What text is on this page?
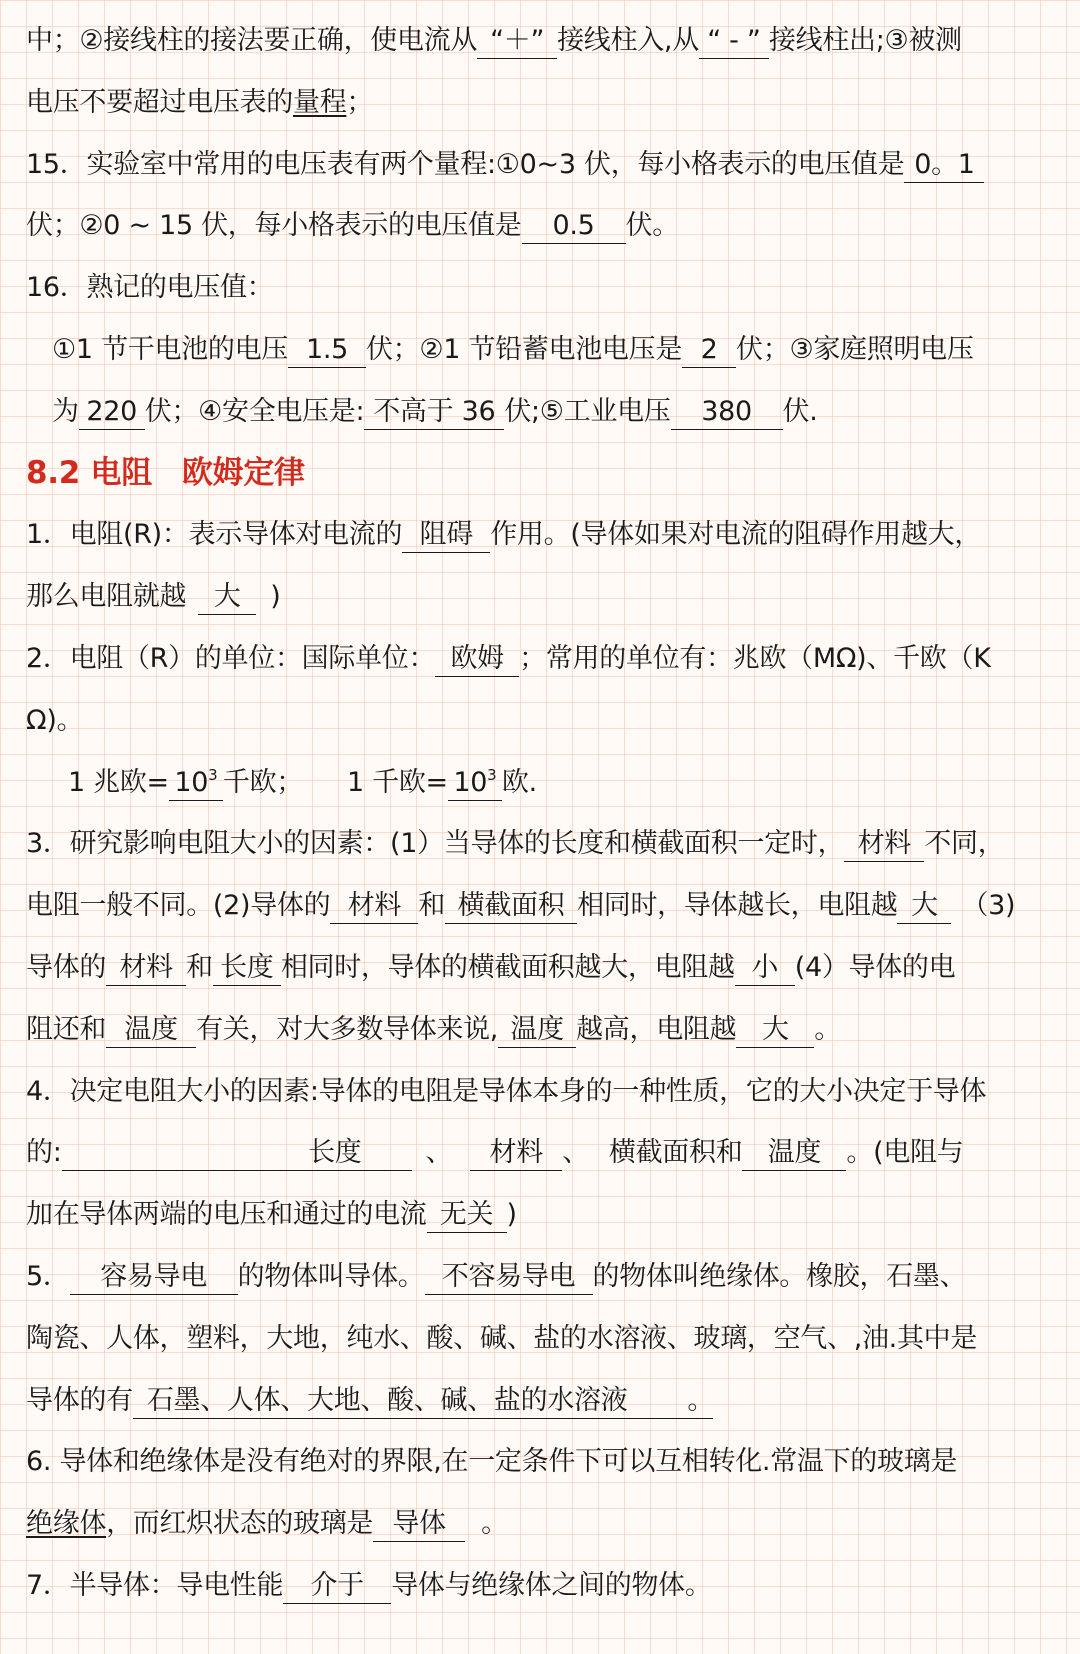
中；②接线柱的接法要正确，使电流从 “＋” 接线柱入,从 “ - ” 接线柱出;③被测
电压不要超过电压表的量程；
15．实验室中常用的电压表有两个量程:①0~3 伏，每小格表示的电压值是 0。1
伏；②0 ~ 15 伏，每小格表示的电压值是 0.5 伏。
16．熟记的电压值：
①1 节干电池的电压 1.5 伏；②1 节铅蓄电池电压是 2 伏；③家庭照明电压
为 220 伏；④安全电压是: 不高于 36 伏;⑤工业电压 380 伏.
8.2 电阻 欧姆定律
1．电阻(R)：表示导体对电流的 阻碍 作用。(导体如果对电流的阻碍作用越大，
那么电阻就越 大 )
2．电阻（R）的单位：国际单位： 欧姆 ；常用的单位有：兆欧（MΩ)、千欧（K
Ω)。
1 兆欧= $10^3$ 千欧； 1 千欧= $10^3$ 欧.
3．研究影响电阻大小的因素：(1）当导体的长度和横截面积一定时， 材料 不同，
电阻一般不同。(2)导体的 材料 和 横截面积 相同时，导体越长，电阻越 大 （3)
导体的 材料 和 长度 相同时，导体的横截面积越大，电阻越 小 (4）导体的电
阻还和 温度 有关，对大多数导体来说, 温度 越高，电阻越 大 。
4．决定电阻大小的因素:导体的电阻是导体本身的一种性质，它的大小决定于导体
的:	长度 、 材料 、 横截面积和 温度 。(电阻与
加在导体两端的电压和通过的电流 无关 )
5． 容易导电 的物体叫导体。 不容易导电 的物体叫绝缘体。橡胶，石墨、
陶瓷、人体，塑料，大地，纯水、酸、碱、盐的水溶液、玻璃，空气、,油.其中是
导体的有 石墨、人体、大地、酸、碱、盐的水溶液 。
6. 导体和绝缘体是没有绝对的界限,在一定条件下可以互相转化.常温下的玻璃是
绝缘体，而红炽状态的玻璃是 导体 。
7．半导体：导电性能 介于 导体与绝缘体之间的物体。
